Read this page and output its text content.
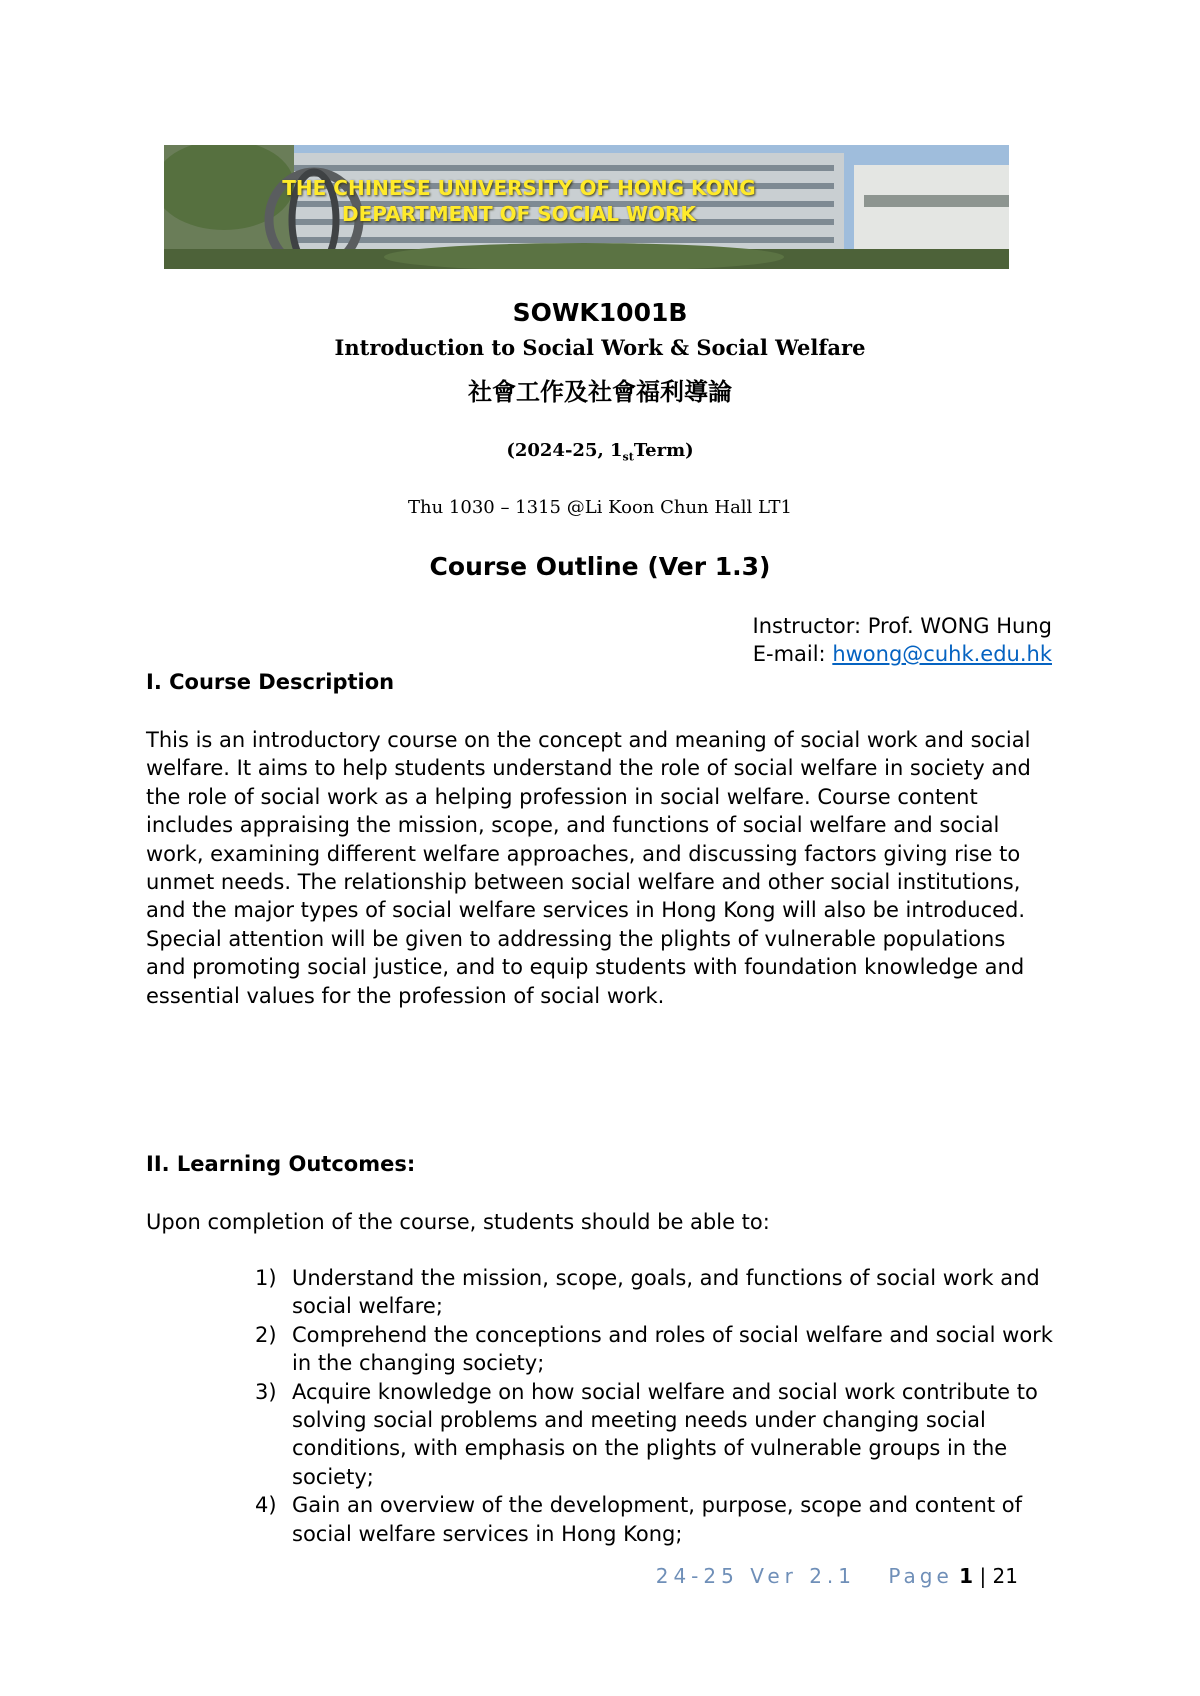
THE CHINESE UNIVERSITY OF HONG KONG
DEPARTMENT OF SOCIAL WORK
SOWK1001B
Introduction to Social Work & Social Welfare
社會工作及社會福利導論
(2024-25, $1_{st}Term$)
Thu 1030 – 1315 @Li Koon Chun Hall LT1
Course Outline (Ver 1.3)
Instructor: Prof. WONG Hung
E-mail: hwong@cuhk.edu.hk
I. Course Description
This is an introductory course on the concept and meaning of social work and social welfare. It aims to help students understand the role of social welfare in society and the role of social work as a helping profession in social welfare. Course content includes appraising the mission, scope, and functions of social welfare and social work, examining different welfare approaches, and discussing factors giving rise to unmet needs. The relationship between social welfare and other social institutions, and the major types of social welfare services in Hong Kong will also be introduced. Special attention will be given to addressing the plights of vulnerable populations and promoting social justice, and to equip students with foundation knowledge and essential values for the profession of social work.
II. Learning Outcomes:
Upon completion of the course, students should be able to:
1) Understand the mission, scope, goals, and functions of social work and social welfare;
2) Comprehend the conceptions and roles of social welfare and social work in the changing society;
3) Acquire knowledge on how social welfare and social work contribute to solving social problems and meeting needs under changing social conditions, with emphasis on the plights of vulnerable groups in the society;
4) Gain an overview of the development, purpose, scope and content of social welfare services in Hong Kong;
24-25 Ver 2.1 Page 1 | 21
